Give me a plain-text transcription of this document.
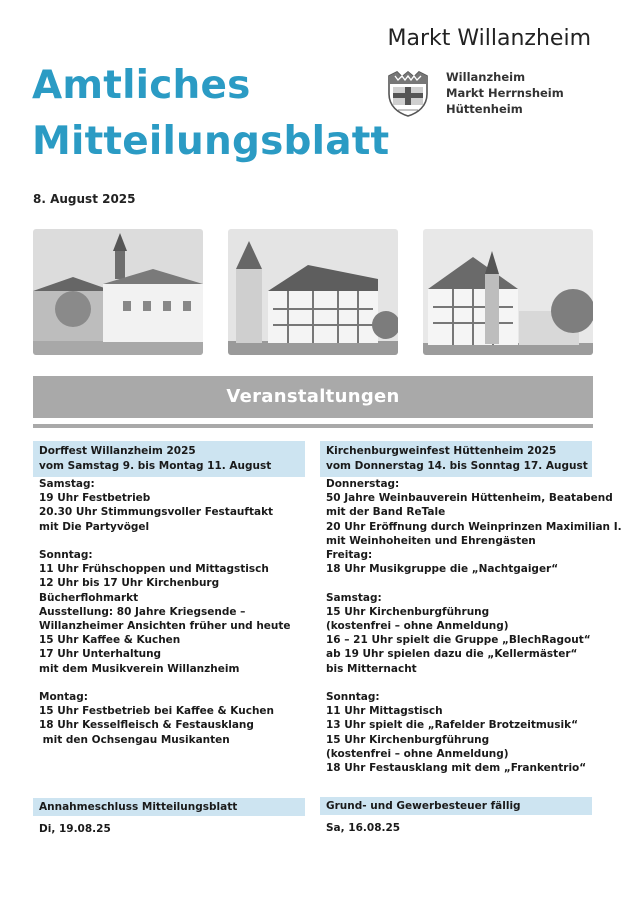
Amtliches
Mitteilungsblatt
Markt Willanzheim
Willanzheim
Markt Herrnsheim
Hüttenheim
8. August 2025
Veranstaltungen
Dorffest Willanzheim 2025
vom Samstag 9. bis Montag 11. August
Samstag:
19 Uhr Festbetrieb
20.30 Uhr Stimmungsvoller Festauftakt
mit Die Partyvögel
Sonntag:
11 Uhr Frühschoppen und Mittagstisch
12 Uhr bis 17 Uhr Kirchenburg
Bücherflohmarkt
Ausstellung: 80 Jahre Kriegsende –
Willanzheimer Ansichten früher und heute
15 Uhr Kaffee & Kuchen
17 Uhr Unterhaltung
mit dem Musikverein Willanzheim
Montag:
15 Uhr Festbetrieb bei Kaffee & Kuchen
18 Uhr Kesselfleisch & Festausklang
mit den Ochsengau Musikanten
Kirchenburgweinfest Hüttenheim 2025
vom Donnerstag 14. bis Sonntag 17. August
Donnerstag:
50 Jahre Weinbauverein Hüttenheim, Beatabend
mit der Band ReTale
20 Uhr Eröffnung durch Weinprinzen Maximilian I.
mit Weinhoheiten und Ehrengästen
Freitag:
18 Uhr Musikgruppe die „Nachtgaiger“
Samstag:
15 Uhr Kirchenburgführung
(kostenfrei – ohne Anmeldung)
16 – 21 Uhr spielt die Gruppe „BlechRagout“
ab 19 Uhr spielen dazu die „Kellermäster“
bis Mitternacht
Sonntag:
11 Uhr Mittagstisch
13 Uhr spielt die „Rafelder Brotzeitmusik“
15 Uhr Kirchenburgführung
(kostenfrei – ohne Anmeldung)
18 Uhr Festausklang mit dem „Frankentrio“
Annahmeschluss Mitteilungsblatt
Di, 19.08.25
Grund- und Gewerbesteuer fällig
Sa, 16.08.25
